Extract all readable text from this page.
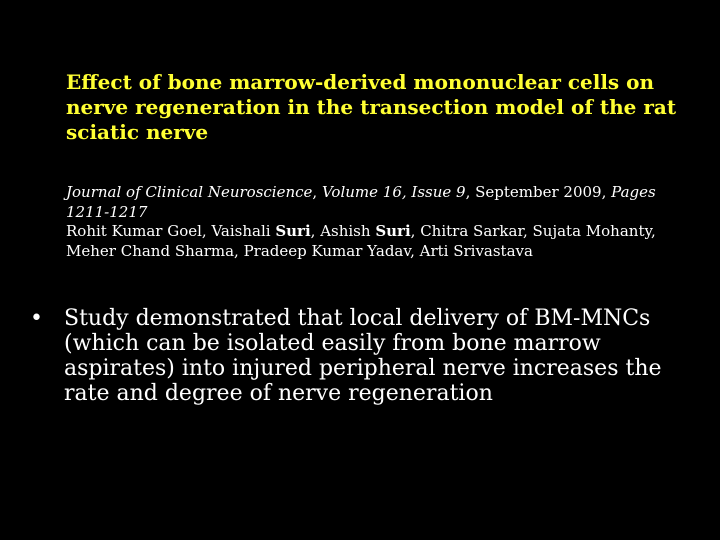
Effect of bone marrow-derived mononuclear cells on nerve regeneration in the transection model of the rat sciatic nerve
Journal of Clinical Neuroscience, Volume 16, Issue 9, September 2009, Pages 1211-1217
Rohit Kumar Goel, Vaishali Suri, Ashish Suri, Chitra Sarkar, Sujata Mohanty, Meher Chand Sharma, Pradeep Kumar Yadav, Arti Srivastava
• Study demonstrated that local delivery of BM-MNCs (which can be isolated easily from bone marrow aspirates) into injured peripheral nerve increases the rate and degree of nerve regeneration
